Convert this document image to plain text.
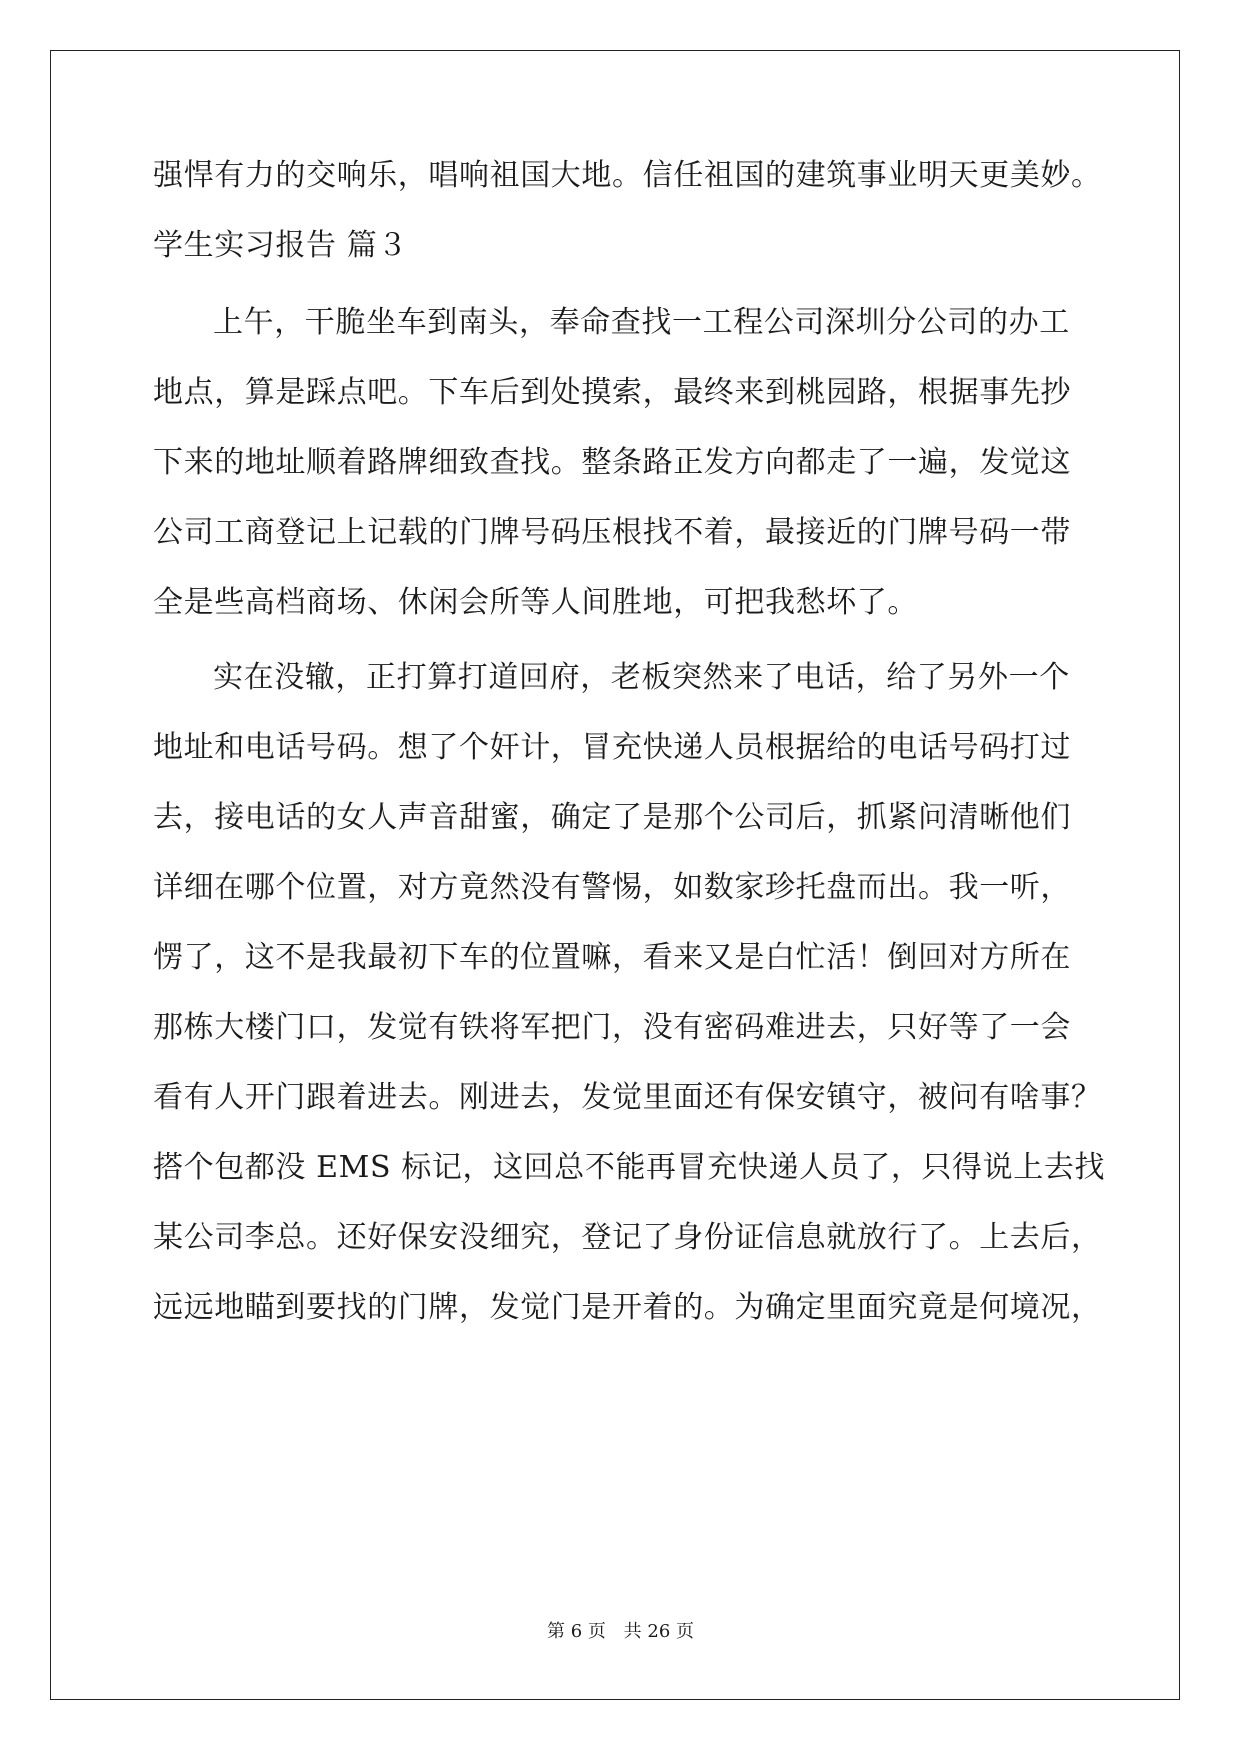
强悍有力的交响乐，唱响祖国大地。信任祖国的建筑事业明天更美妙。
学生实习报告 篇３
上午，干脆坐车到南头，奉命查找一工程公司深圳分公司的办工
地点，算是踩点吧。下车后到处摸索，最终来到桃园路，根据事先抄
下来的地址顺着路牌细致查找。整条路正发方向都走了一遍，发觉这
公司工商登记上记载的门牌号码压根找不着，最接近的门牌号码一带
全是些高档商场、休闲会所等人间胜地，可把我愁坏了。
实在没辙，正打算打道回府，老板突然来了电话，给了另外一个
地址和电话号码。想了个奸计，冒充快递人员根据给的电话号码打过
去，接电话的女人声音甜蜜，确定了是那个公司后，抓紧问清晰他们
详细在哪个位置，对方竟然没有警惕，如数家珍托盘而出。我一听，
愣了，这不是我最初下车的位置嘛，看来又是白忙活！倒回对方所在
那栋大楼门口，发觉有铁将军把门，没有密码难进去，只好等了一会
看有人开门跟着进去。刚进去，发觉里面还有保安镇守，被问有啥事？
搭个包都没 EMS 标记，这回总不能再冒充快递人员了，只得说上去找
某公司李总。还好保安没细究，登记了身份证信息就放行了。上去后，
远远地瞄到要找的门牌，发觉门是开着的。为确定里面究竟是何境况，
第 6 页 共 26 页
